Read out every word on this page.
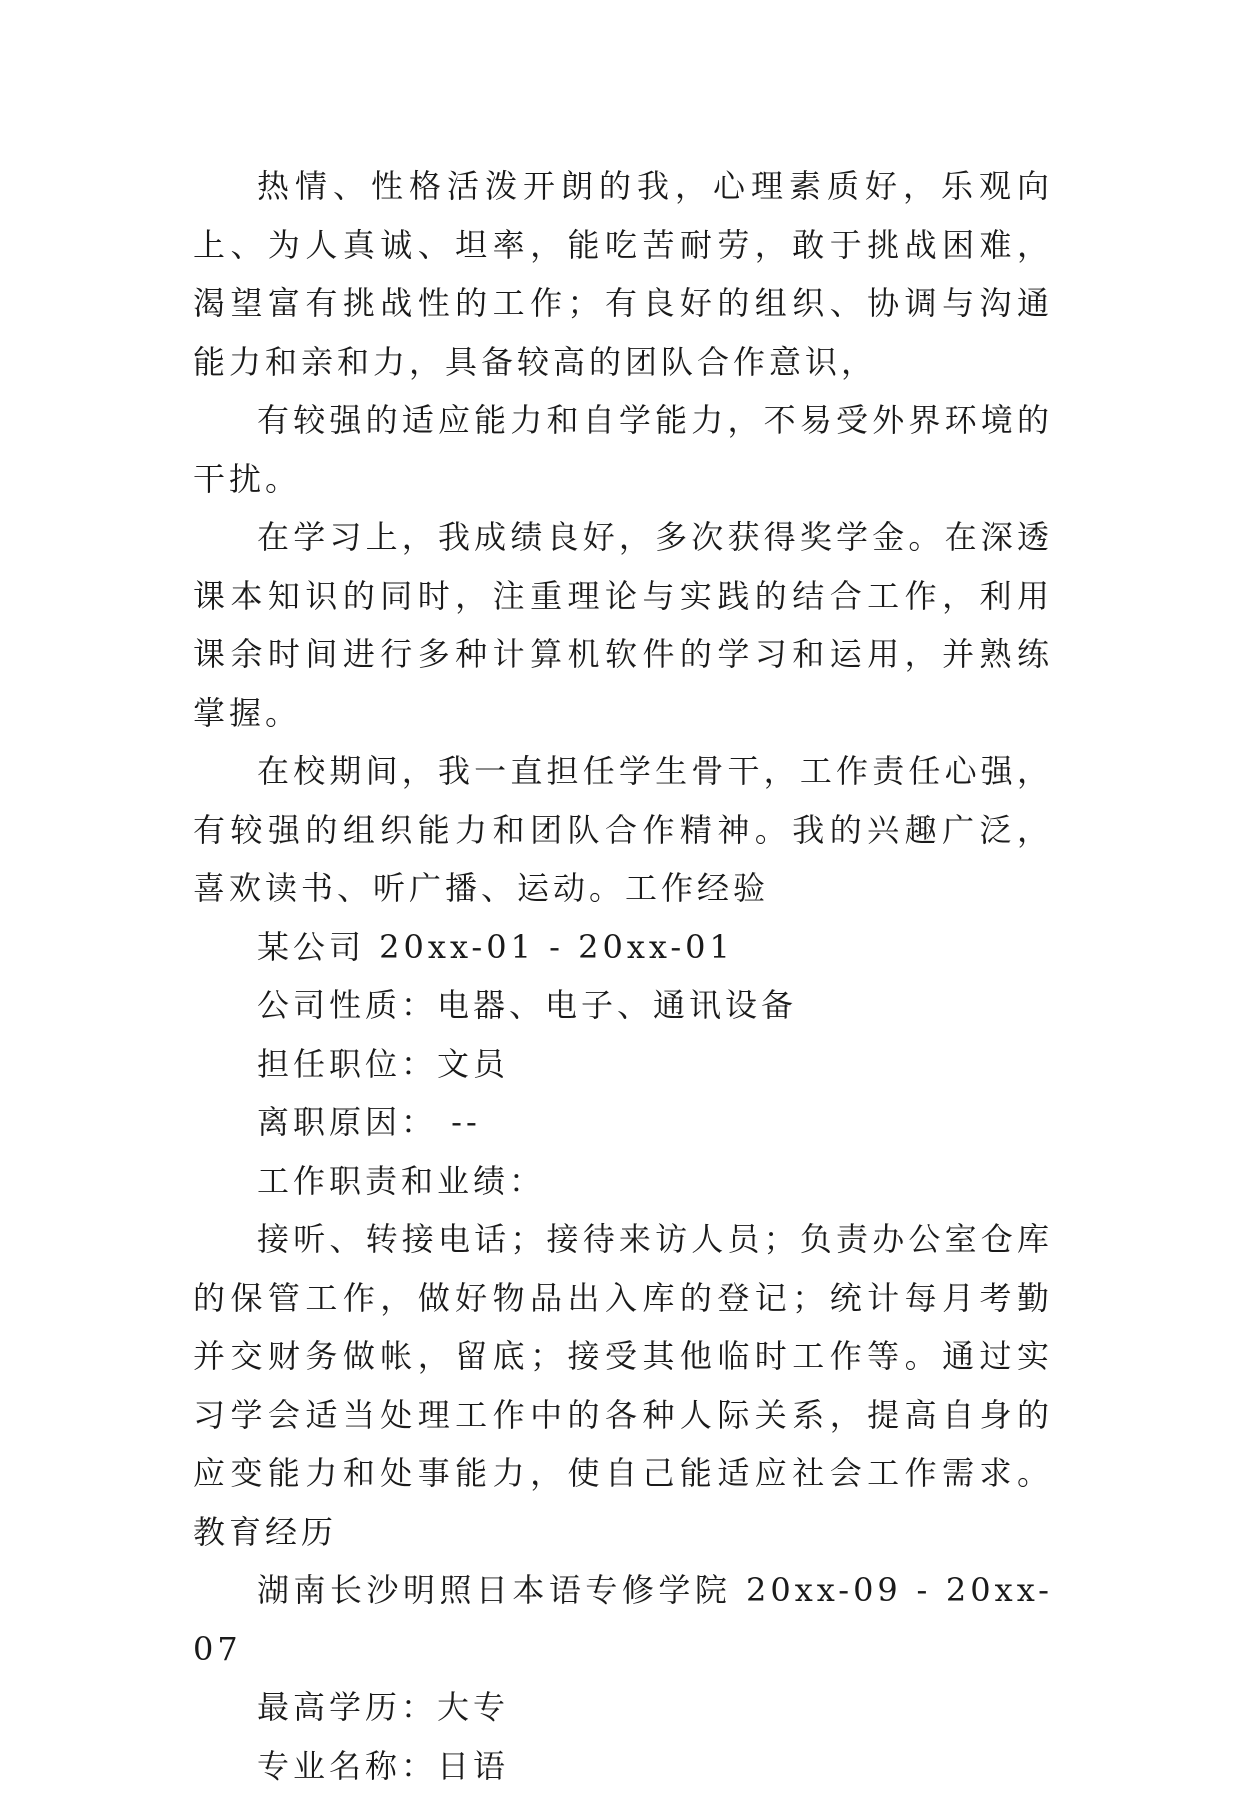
热情、性格活泼开朗的我，心理素质好，乐观向上、为人真诚、坦率，能吃苦耐劳，敢于挑战困难，渴望富有挑战性的工作；有良好的组织、协调与沟通能力和亲和力，具备较高的团队合作意识，

有较强的适应能力和自学能力，不易受外界环境的干扰。

在学习上，我成绩良好，多次获得奖学金。在深透课本知识的同时，注重理论与实践的结合工作，利用课余时间进行多种计算机软件的学习和运用，并熟练掌握。

在校期间，我一直担任学生骨干，工作责任心强，有较强的组织能力和团队合作精神。我的兴趣广泛，喜欢读书、听广播、运动。工作经验

某公司 20xx-01 - 20xx-01

公司性质：电器、电子、通讯设备

担任职位：文员

离职原因： --

工作职责和业绩：

接听、转接电话；接待来访人员；负责办公室仓库的保管工作，做好物品出入库的登记；统计每月考勤并交财务做帐，留底；接受其他临时工作等。通过实习学会适当处理工作中的各种人际关系，提高自身的应变能力和处事能力，使自己能适应社会工作需求。 教育经历

湖南长沙明照日本语专修学院 20xx-09 - 20xx-07

最高学历：大专

专业名称：日语
